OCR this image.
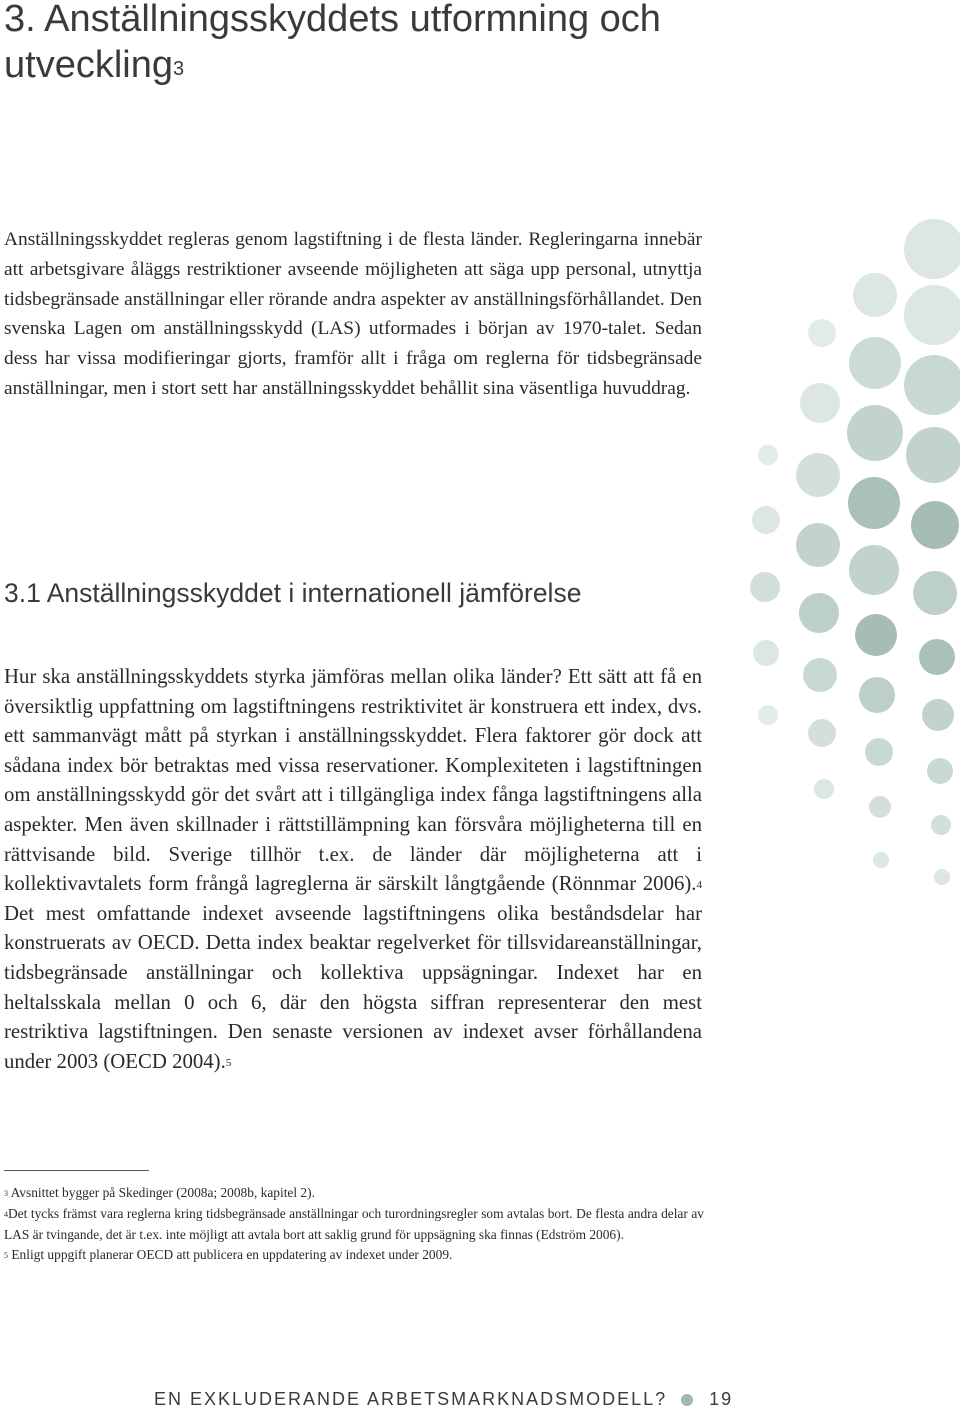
3. Anställningsskyddets utformning och utveckling$^3$

Anställningsskyddet regleras genom lagstiftning i de flesta länder. Regleringarna innebär att arbetsgivare åläggs restriktioner avseende möjligheten att säga upp personal, utnyttja tidsbegränsade anställningar eller rörande andra aspekter av anställningsförhållandet. Den svenska Lagen om anställningsskydd (LAS) utformades i början av 1970-talet. Sedan dess har vissa modifieringar gjorts, framför allt i fråga om reglerna för tidsbegränsade anställningar, men i stort sett har anställningsskyddet behållit sina väsentliga huvuddrag.

3.1 Anställningsskyddet i internationell jämförelse

Hur ska anställningsskyddets styrka jämföras mellan olika länder? Ett sätt att få en översiktlig uppfattning om lagstiftningens restriktivitet är konstruera ett index, dvs. ett sammanvägt mått på styrkan i anställningsskyddet. Flera faktorer gör dock att sådana index bör betraktas med vissa reservationer. Komplexiteten i lagstiftningen om anställningsskydd gör det svårt att i tillgängliga index fånga lagstiftningens alla aspekter. Men även skillnader i rättstillämpning kan försvåra möjligheterna till en rättvisande bild. Sverige tillhör t.ex. de länder där möjligheterna att i kollektivavtalets form frångå lagreglerna är särskilt långtgående (Rönnmar 2006).$^4$ Det mest omfattande indexet avseende lagstiftningens olika beståndsdelar har konstruerats av OECD. Detta index beaktar regelverket för tillsvidareanställningar, tidsbegränsade anställningar och kollektiva uppsägningar. Indexet har en heltalsskala mellan 0 och 6, där den högsta siffran representerar den mest restriktiva lagstiftningen. Den senaste versionen av indexet avser förhållandena under 2003 (OECD 2004).$^5$

$^3$ Avsnittet bygger på Skedinger (2008a; 2008b, kapitel 2).

$^4$Det tycks främst vara reglerna kring tidsbegränsade anställningar och turordningsregler som avtalas bort. De flesta andra delar av LAS är tvingande, det är t.ex. inte möjligt att avtala bort att saklig grund för uppsägning ska finnas (Edström 2006).

$^5$ Enligt uppgift planerar OECD att publicera en uppdatering av indexet under 2009.

EN EXKLUDERANDE ARBETSMARKNADSMODELL? 19
